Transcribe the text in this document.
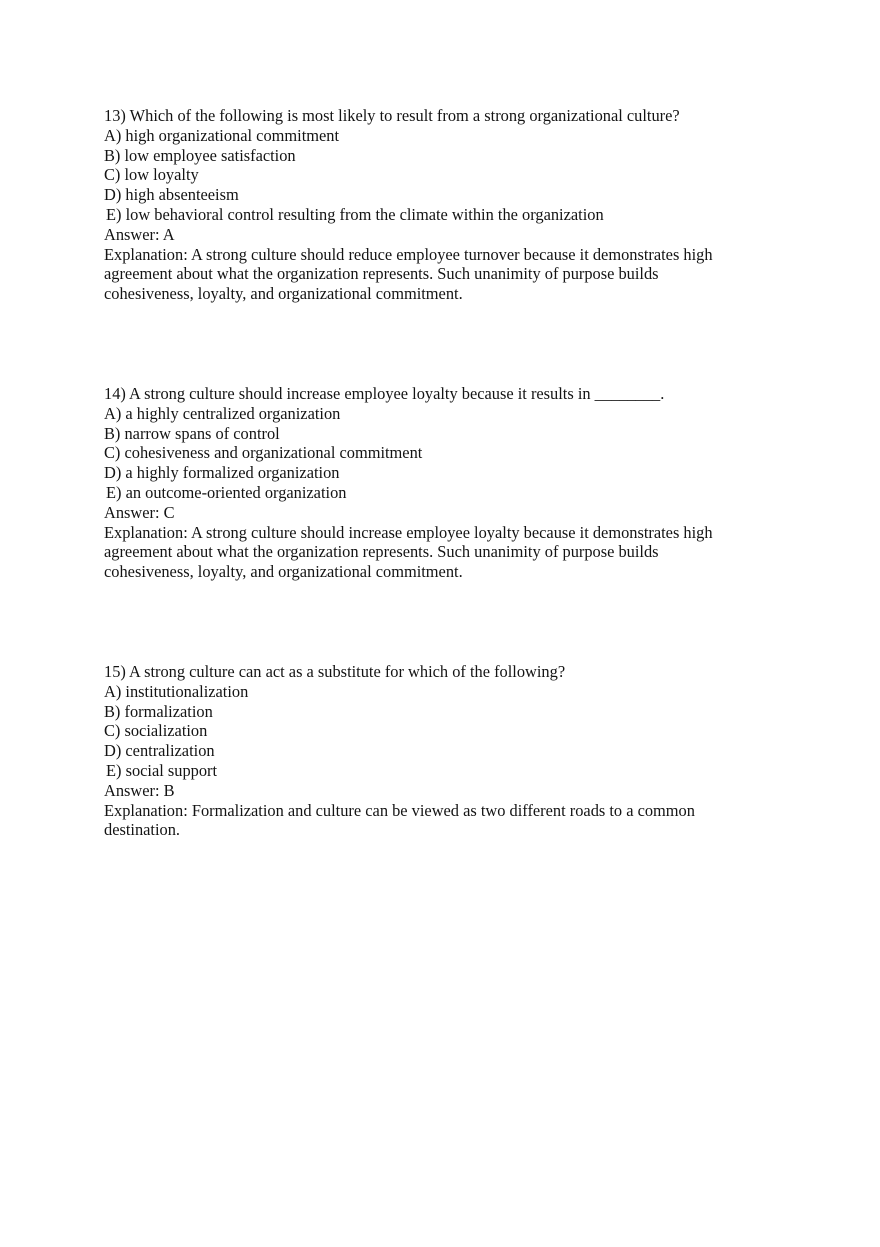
13) Which of the following is most likely to result from a strong organizational culture?
A) high organizational commitment
B) low employee satisfaction
C) low loyalty
D) high absenteeism
E) low behavioral control resulting from the climate within the organization
Answer: A
Explanation: A strong culture should reduce employee turnover because it demonstrates high
agreement about what the organization represents. Such unanimity of purpose builds
cohesiveness, loyalty, and organizational commitment.
14) A strong culture should increase employee loyalty because it results in ________.
A) a highly centralized organization
B) narrow spans of control
C) cohesiveness and organizational commitment
D) a highly formalized organization
E) an outcome-oriented organization
Answer: C
Explanation: A strong culture should increase employee loyalty because it demonstrates high
agreement about what the organization represents. Such unanimity of purpose builds
cohesiveness, loyalty, and organizational commitment.
15) A strong culture can act as a substitute for which of the following?
A) institutionalization
B) formalization
C) socialization
D) centralization
E) social support
Answer: B
Explanation: Formalization and culture can be viewed as two different roads to a common
destination.
